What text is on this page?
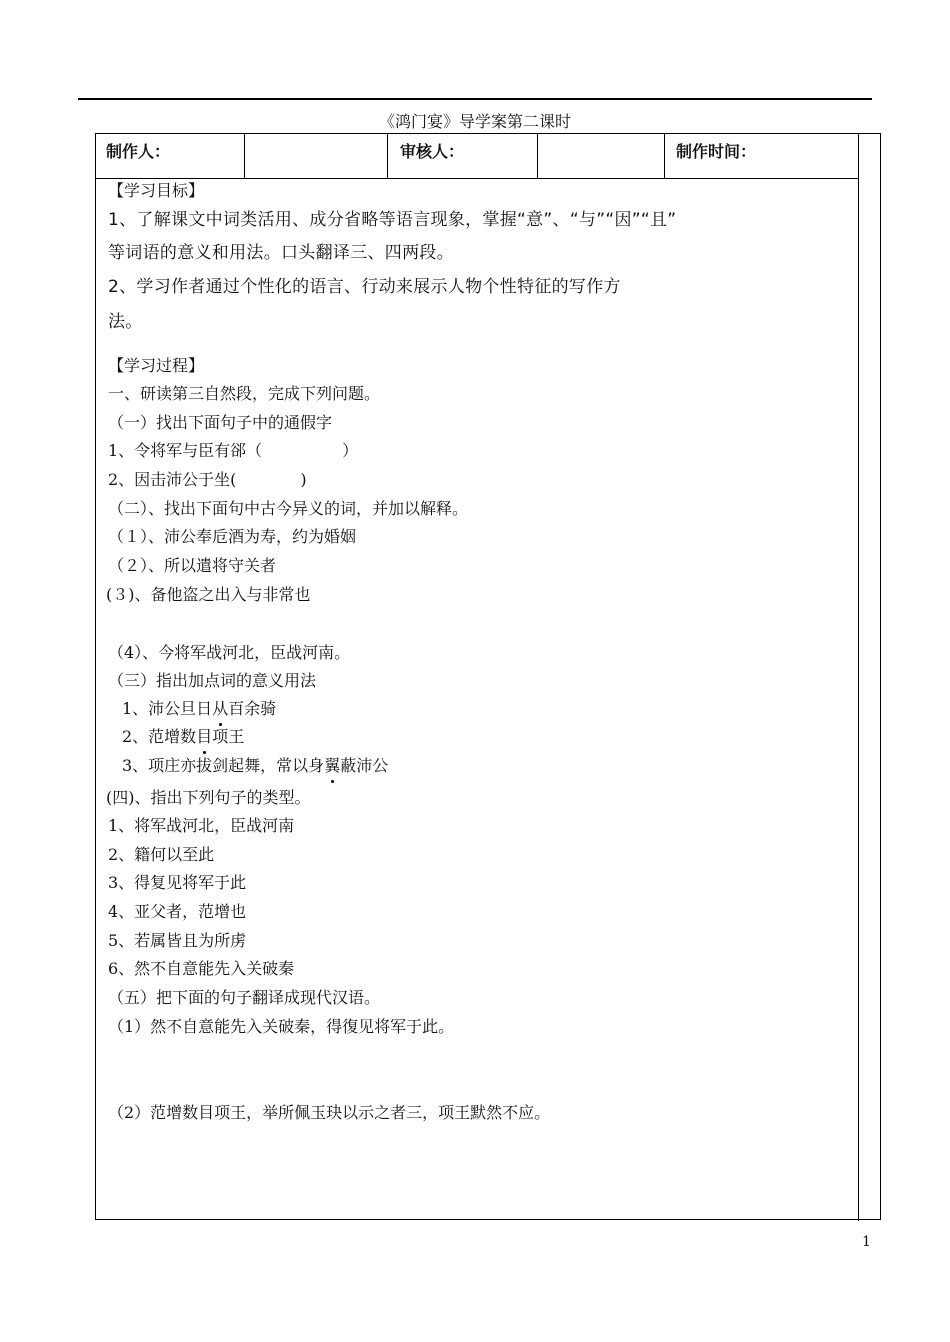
《鸿门宴》导学案第二课时
制作人：	审核人：	制作时间：
【学习目标】
1、了解课文中词类活用、成分省略等语言现象，掌握“意”、“与”“因”“且”
等词语的意义和用法。口头翻译三、四两段。
2、学习作者通过个性化的语言、行动来展示人物个性特征的写作方
法。
【学习过程】
一、研读第三自然段，完成下列问题。
（一）找出下面句子中的通假字
1、令将军与臣有郤（　　　　　）
2、因击沛公于坐(　　　　)
（二）、找出下面句中古今异义的词，并加以解释。
（１）、沛公奉卮酒为寿，约为婚姻
（２）、所以遣将守关者
(３)、备他盗之出入与非常也
（4）、今将军战河北，臣战河南。
（三）指出加点词的意义用法
1、沛公旦日从百余骑
2、范增数目项王
3、项庄亦拔剑起舞，常以身翼蔽沛公
(四)、指出下列句子的类型。
1、将军战河北，臣战河南
2、籍何以至此
3、得复见将军于此
4、亚父者，范增也
5、若属皆且为所虏
6、然不自意能先入关破秦
（五）把下面的句子翻译成现代汉语。
（1）然不自意能先入关破秦，得復见将军于此。
（2）范增数目项王，举所佩玉玦以示之者三，项王默然不应。
1
